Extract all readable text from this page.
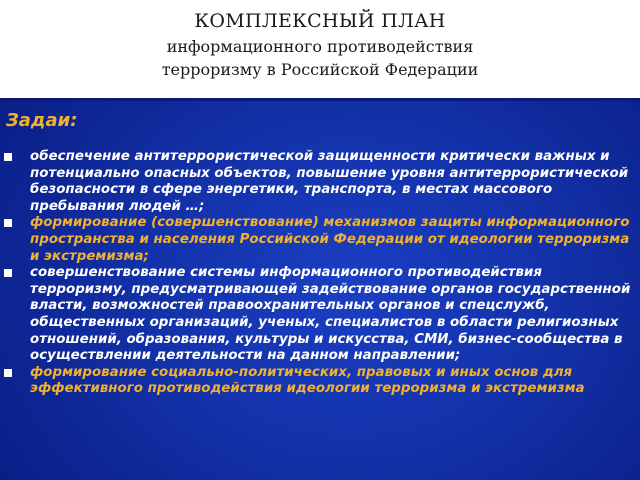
КОМПЛЕКСНЫЙ ПЛАН
информационного противодействия
терроризму в Российской Федерации
Задаи:
обеспечение антитеррористической защищенности критически важных и потенциально опасных объектов, повышение уровня антитеррористической безопасности в сфере энергетики, транспорта, в местах массового пребывания людей …;
формирование (совершенствование) механизмов защиты информационного пространства и населения Российской Федерации от идеологии терроризма и экстремизма;
совершенствование системы информационного противодействия терроризму, предусматривающей задействование органов государственной власти, возможностей правоохранительных органов и спецслужб, общественных организаций, ученых, специалистов в области религиозных отношений, образования, культуры и искусства, СМИ, бизнес-сообщества в осуществлении деятельности на данном направлении;
формирование социально-политических, правовых и иных основ для эффективного противодействия идеологии терроризма и экстремизма
